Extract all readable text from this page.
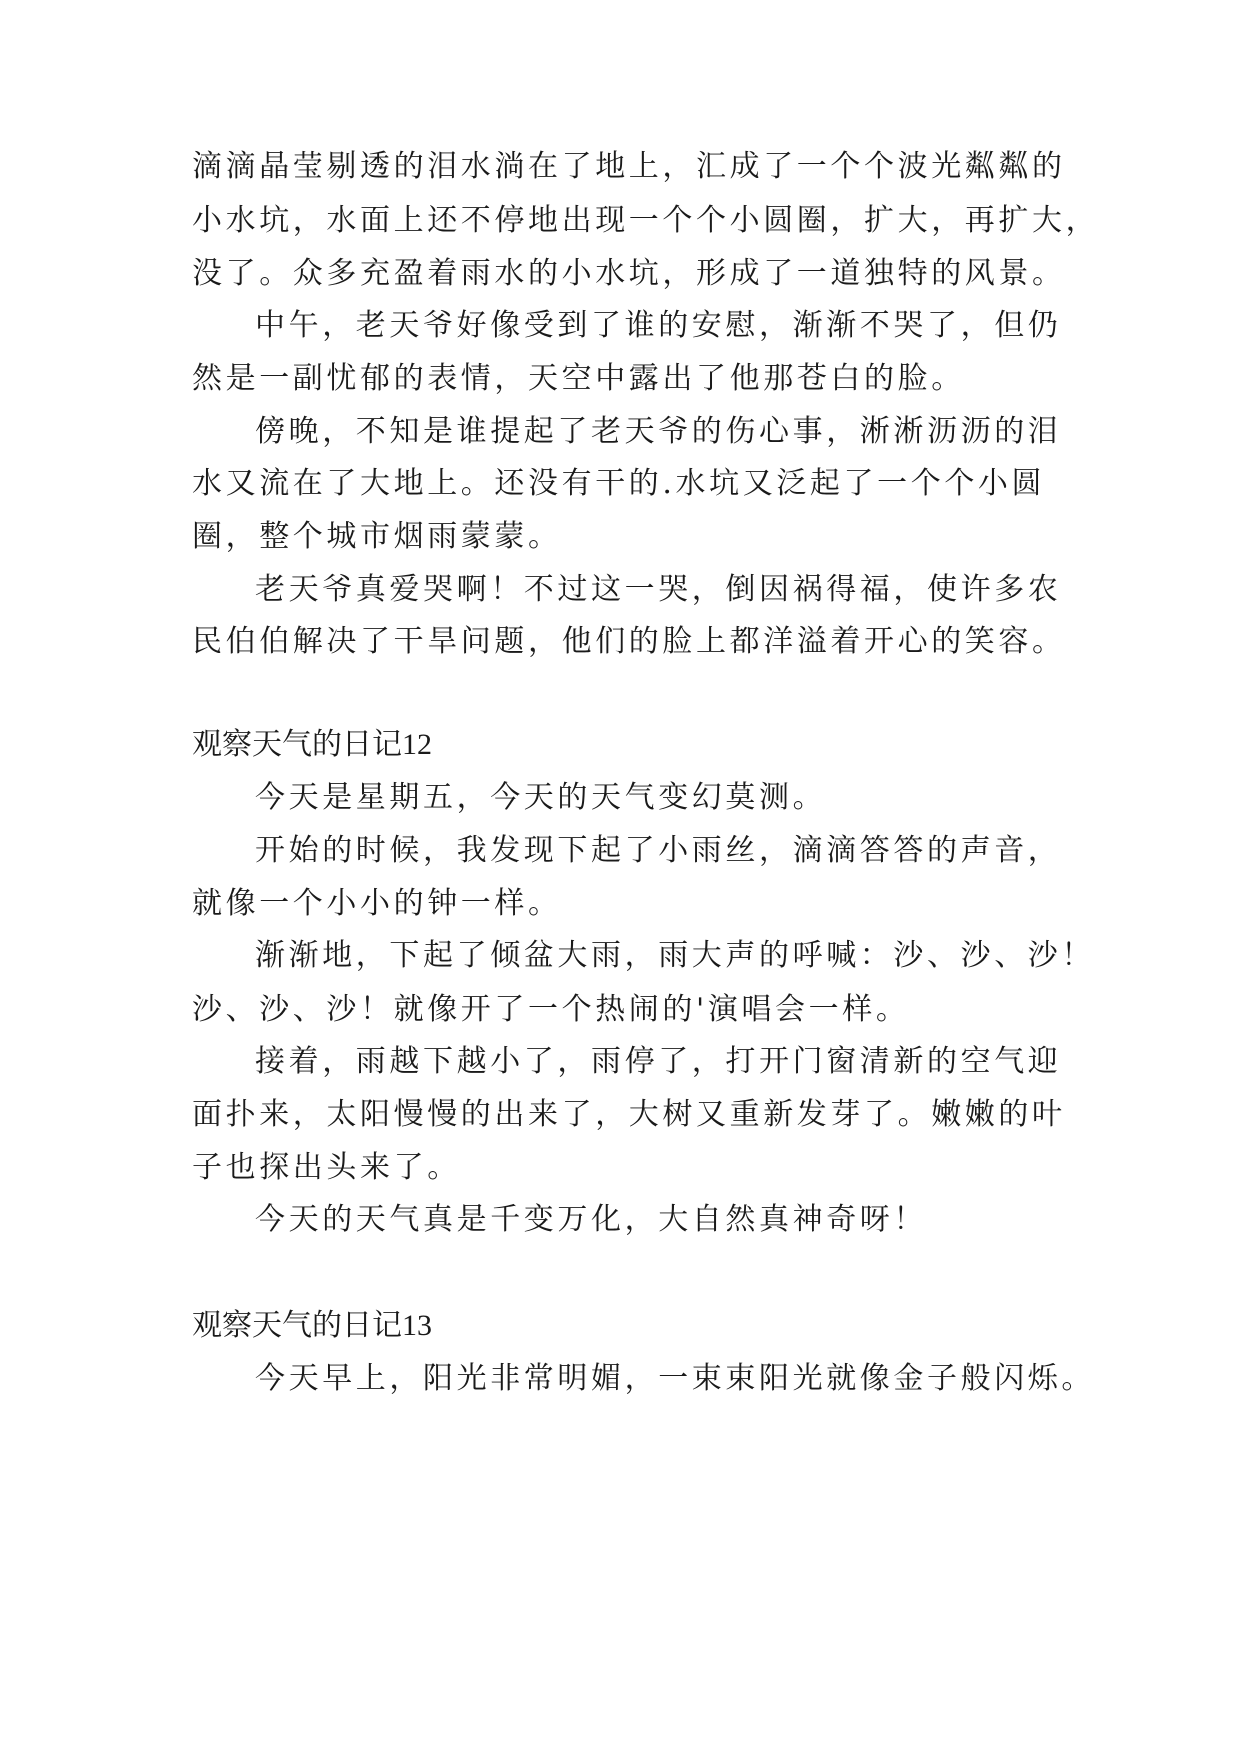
滴滴晶莹剔透的泪水淌在了地上，汇成了一个个波光粼粼的
小水坑，水面上还不停地出现一个个小圆圈，扩大，再扩大，
没了。众多充盈着雨水的小水坑，形成了一道独特的风景。
中午，老天爷好像受到了谁的安慰，渐渐不哭了，但仍
然是一副忧郁的表情，天空中露出了他那苍白的脸。
傍晚，不知是谁提起了老天爷的伤心事，淅淅沥沥的泪
水又流在了大地上。还没有干的.水坑又泛起了一个个小圆
圈，整个城市烟雨蒙蒙。
老天爷真爱哭啊！不过这一哭，倒因祸得福，使许多农
民伯伯解决了干旱问题，他们的脸上都洋溢着开心的笑容。
观察天气的日记12
今天是星期五，今天的天气变幻莫测。
开始的时候，我发现下起了小雨丝，滴滴答答的声音，
就像一个小小的钟一样。
渐渐地，下起了倾盆大雨，雨大声的呼喊：沙、沙、沙！
沙、沙、沙！就像开了一个热闹的'演唱会一样。
接着，雨越下越小了，雨停了，打开门窗清新的空气迎
面扑来，太阳慢慢的出来了，大树又重新发芽了。嫩嫩的叶
子也探出头来了。
今天的天气真是千变万化，大自然真神奇呀！
观察天气的日记13
今天早上，阳光非常明媚，一束束阳光就像金子般闪烁。
